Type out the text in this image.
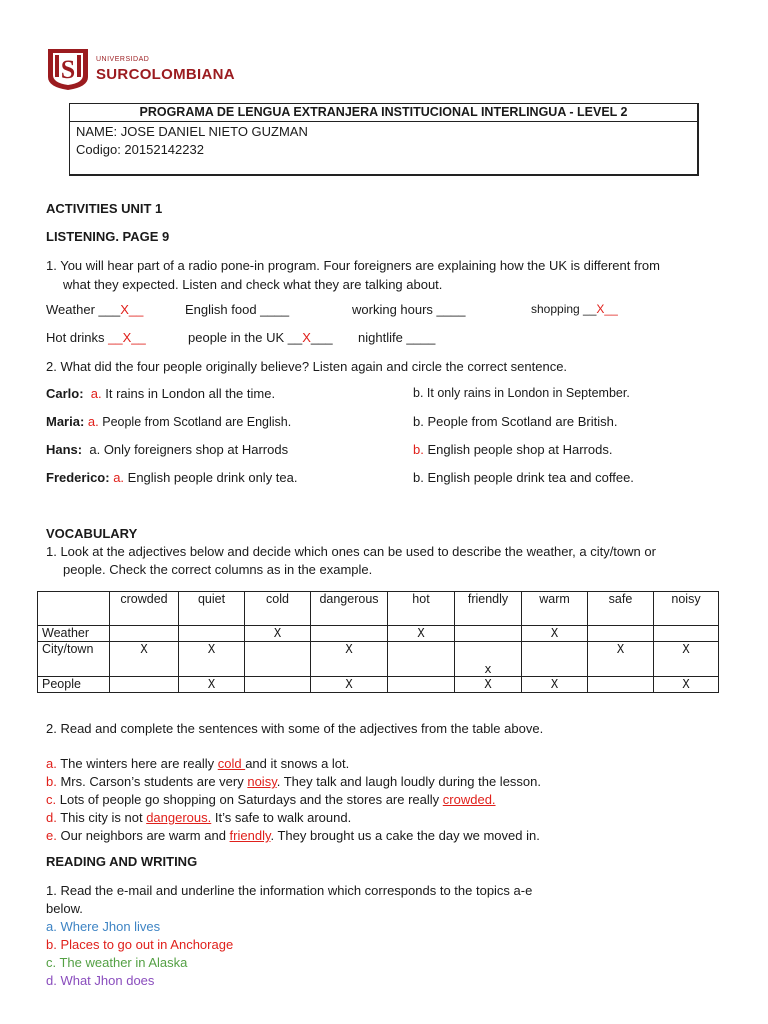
S	UNIVERSIDAD
SURCOLOMBIANA
PROGRAMA DE LENGUA EXTRANJERA INSTITUCIONAL INTERLINGUA - LEVEL 2
NAME: JOSE DANIEL NIETO GUZMAN
Codigo: 20152142232
ACTIVITIES UNIT 1
LISTENING. PAGE 9
1. You will hear part of a radio pone-in program. Four foreigners are explaining how the UK is different from
what they expected. Listen and check what they are talking about.
Weather ___X__	English food ____	working hours ____	shopping __X__
Hot drinks __X__	people in the UK __X___ nightlife ____
2. What did the four people originally believe? Listen again and circle the correct sentence.
Carlo: a. It rains in London all the time.	b. It only rains in London in September.
Maria: a. People from Scotland are English.	b. People from Scotland are British.
Hans: a. Only foreigners shop at Harrods	b. English people shop at Harrods.
Frederico: a. English people drink only tea.	b. English people drink tea and coffee.
VOCABULARY
1. Look at the adjectives below and decide which ones can be used to describe the weather, a city/town or
people. Check the correct columns as in the example.
	crowded	quiet	cold	dangerous	hot	friendly	warm	safe	noisy
Weather			X		X		X		
City/town	X	X		X		x		X	X
People		X		X		X	X		X
2. Read and complete the sentences with some of the adjectives from the table above.
a. The winters here are really cold and it snows a lot.
b. Mrs. Carson’s students are very noisy. They talk and laugh loudly during the lesson.
c. Lots of people go shopping on Saturdays and the stores are really crowded.
d. This city is not dangerous. It’s safe to walk around.
e. Our neighbors are warm and friendly. They brought us a cake the day we moved in.
READING AND WRITING
1. Read the e-mail and underline the information which corresponds to the topics a-e
below.
a. Where Jhon lives
b. Places to go out in Anchorage
c. The weather in Alaska
d. What Jhon does
